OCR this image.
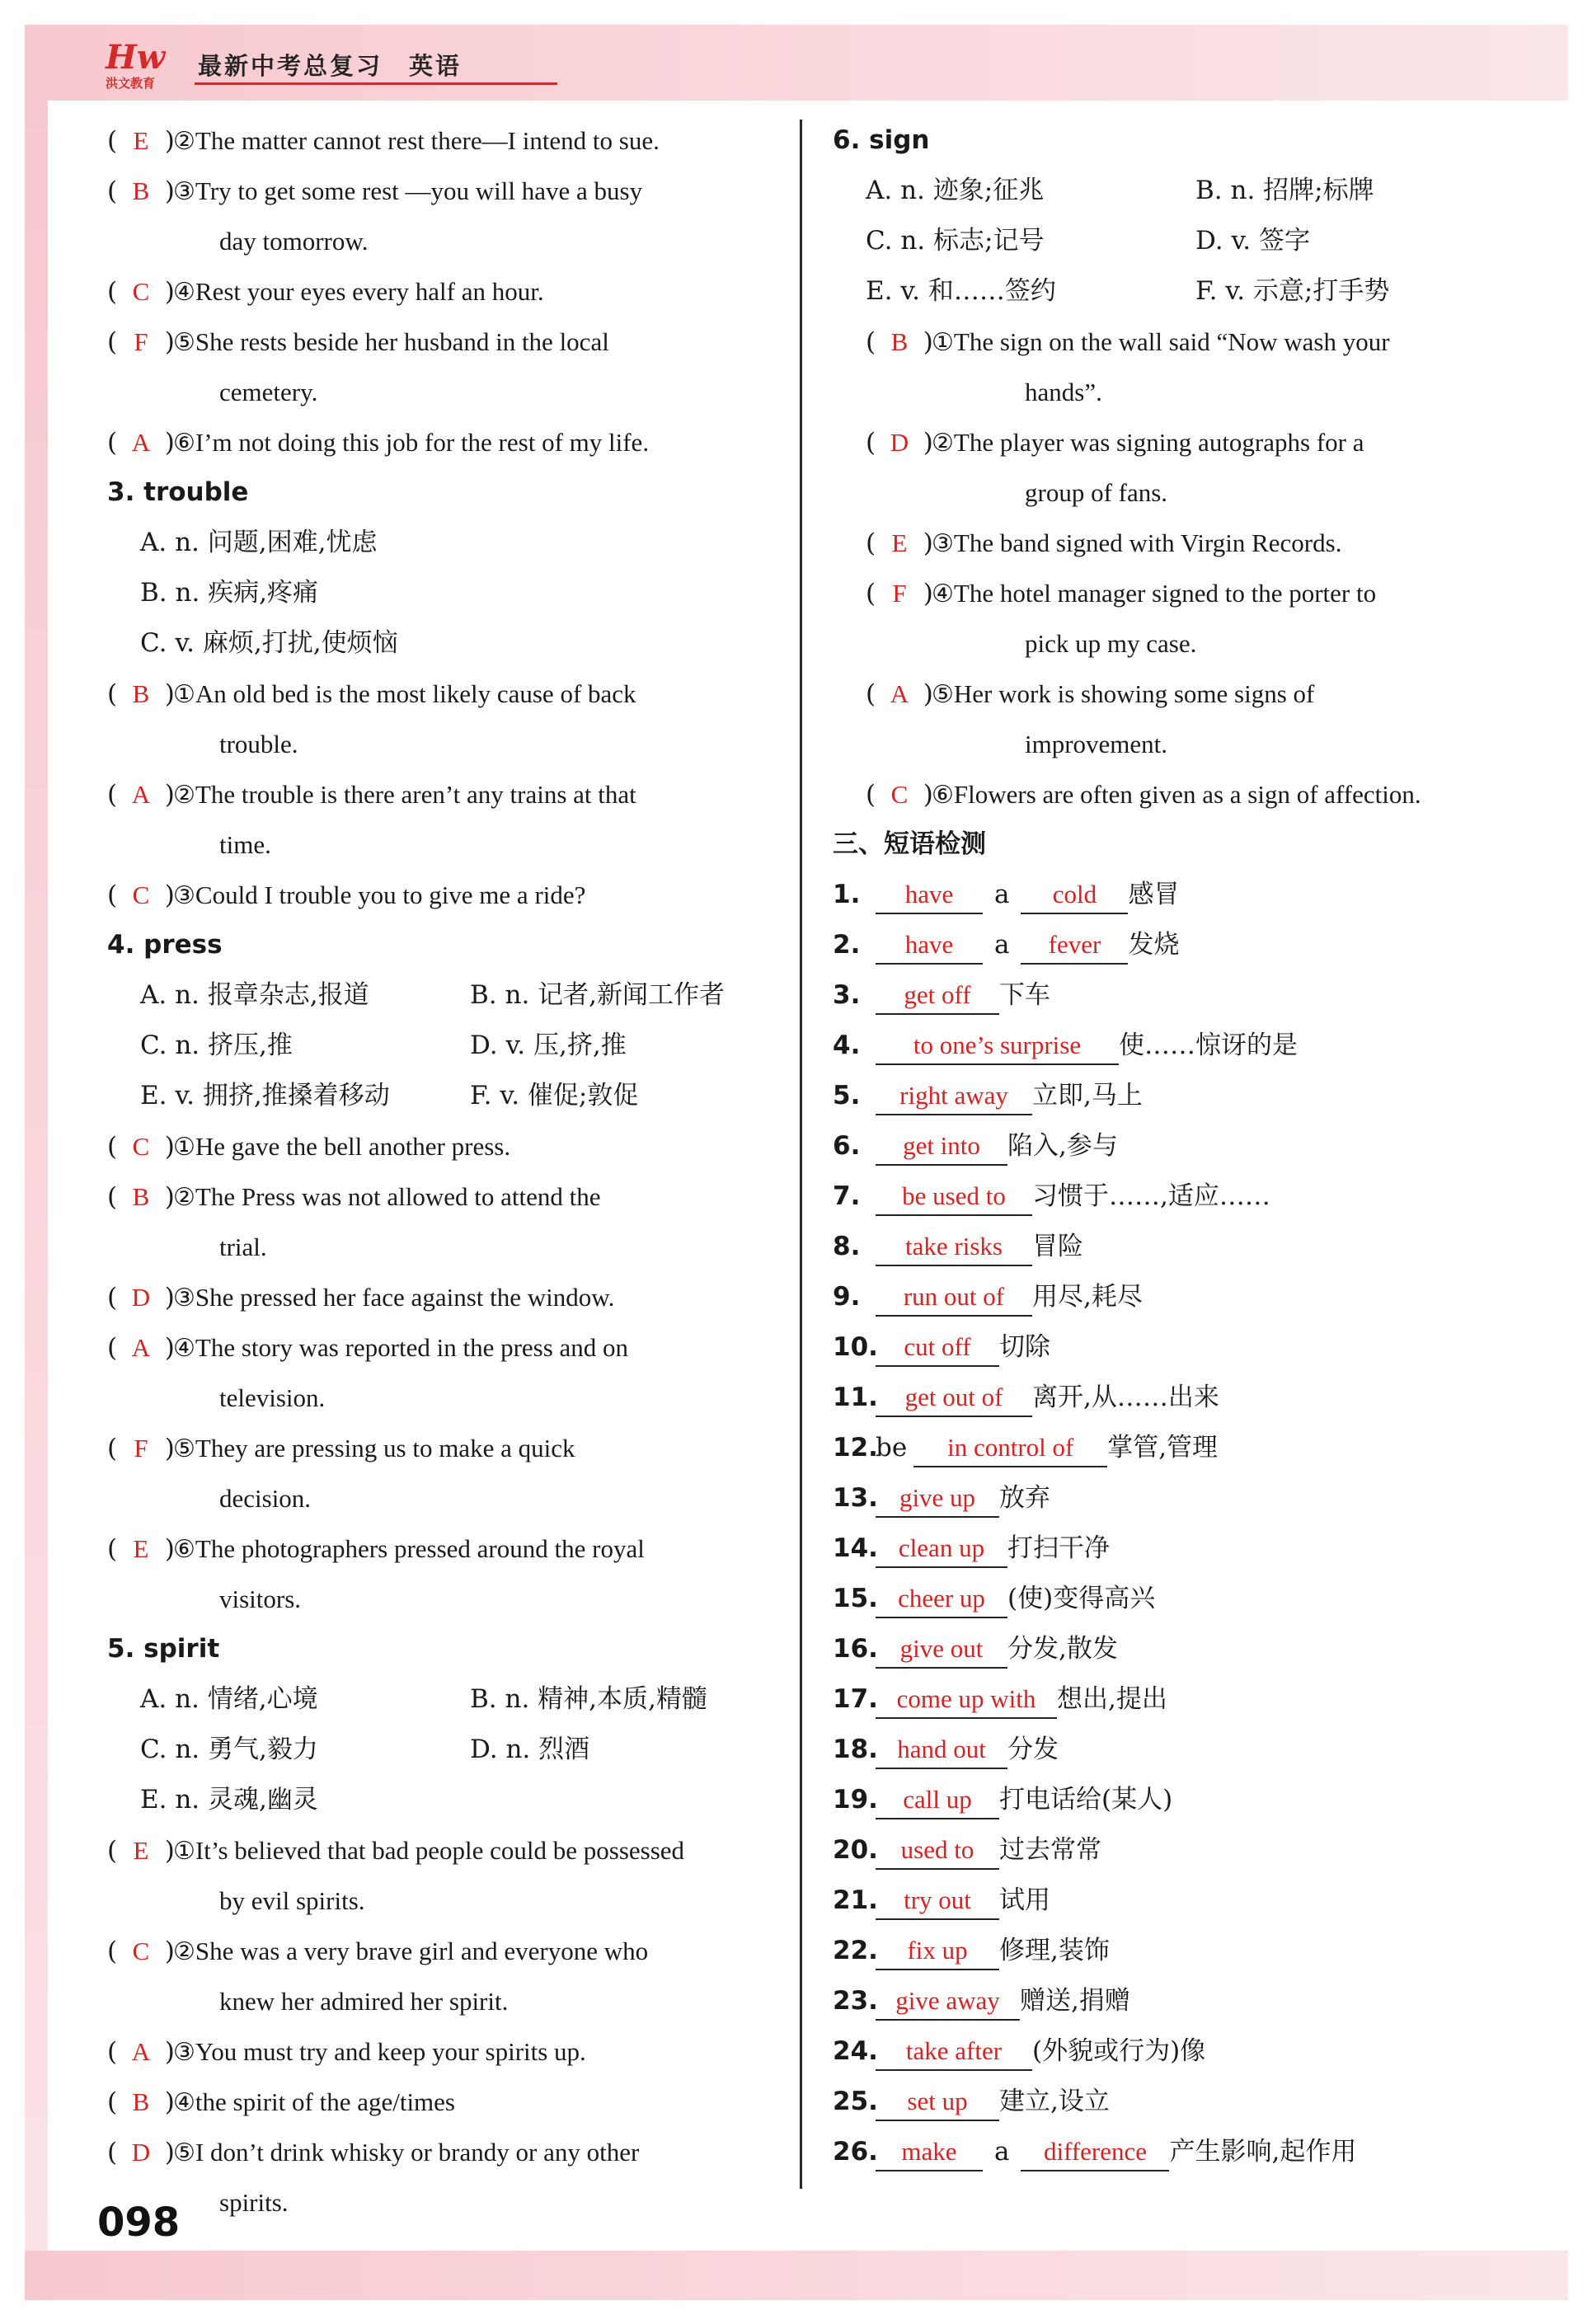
Hw
洪文教育
最新中考总复习　英语
( E )②The matter cannot rest there—I intend to sue.
( B )③Try to get some rest —you will have a busy
day tomorrow.
( C )④Rest your eyes every half an hour.
( F )⑤She rests beside her husband in the local
cemetery.
( A )⑥I’m not doing this job for the rest of my life.
3. trouble
A. n. 问题,困难,忧虑
B. n. 疾病,疼痛
C. v. 麻烦,打扰,使烦恼
( B )①An old bed is the most likely cause of back
trouble.
( A )②The trouble is there aren’t any trains at that
time.
( C )③Could I trouble you to give me a ride?
4. press
A. n. 报章杂志,报道	B. n. 记者,新闻工作者
C. n. 挤压,推	D. v. 压,挤,推
E. v. 拥挤,推搡着移动	F. v. 催促;敦促
( C )①He gave the bell another press.
( B )②The Press was not allowed to attend the
trial.
( D )③She pressed her face against the window.
( A )④The story was reported in the press and on
television.
( F )⑤They are pressing us to make a quick
decision.
( E )⑥The photographers pressed around the royal
visitors.
5. spirit
A. n. 情绪,心境	B. n. 精神,本质,精髓
C. n. 勇气,毅力	D. n. 烈酒
E. n. 灵魂,幽灵
( E )①It’s believed that bad people could be possessed
by evil spirits.
( C )②She was a very brave girl and everyone who
knew her admired her spirit.
( A )③You must try and keep your spirits up.
( B )④the spirit of the age/times
( D )⑤I don’t drink whisky or brandy or any other
spirits.
6. sign
A. n. 迹象;征兆	B. n. 招牌;标牌
C. n. 标志;记号	D. v. 签字
E. v. 和……签约	F. v. 示意;打手势
( B )①The sign on the wall said “Now wash your
hands”.
( D )②The player was signing autographs for a
group of fans.
( E )③The band signed with Virgin Records.
( F )④The hotel manager signed to the porter to
pick up my case.
( A )⑤Her work is showing some signs of
improvement.
( C )⑥Flowers are often given as a sign of affection.
三、短语检测
1. have a cold 感冒
2. have a fever 发烧
3. get off 下车
4. to one’s surprise 使……惊讶的是
5. right away 立即,马上
6. get into 陷入,参与
7. be used to 习惯于……,适应……
8. take risks 冒险
9. run out of 用尽,耗尽
10. cut off 切除
11. get out of 离开,从……出来
12.be in control of 掌管,管理
13. give up 放弃
14. clean up 打扫干净
15. cheer up (使)变得高兴
16. give out 分发,散发
17. come up with 想出,提出
18. hand out 分发
19. call up 打电话给(某人)
20. used to 过去常常
21. try out 试用
22. fix up 修理,装饰
23. give away 赠送,捐赠
24. take after (外貌或行为)像
25. set up 建立,设立
26. make a difference 产生影响,起作用
098
